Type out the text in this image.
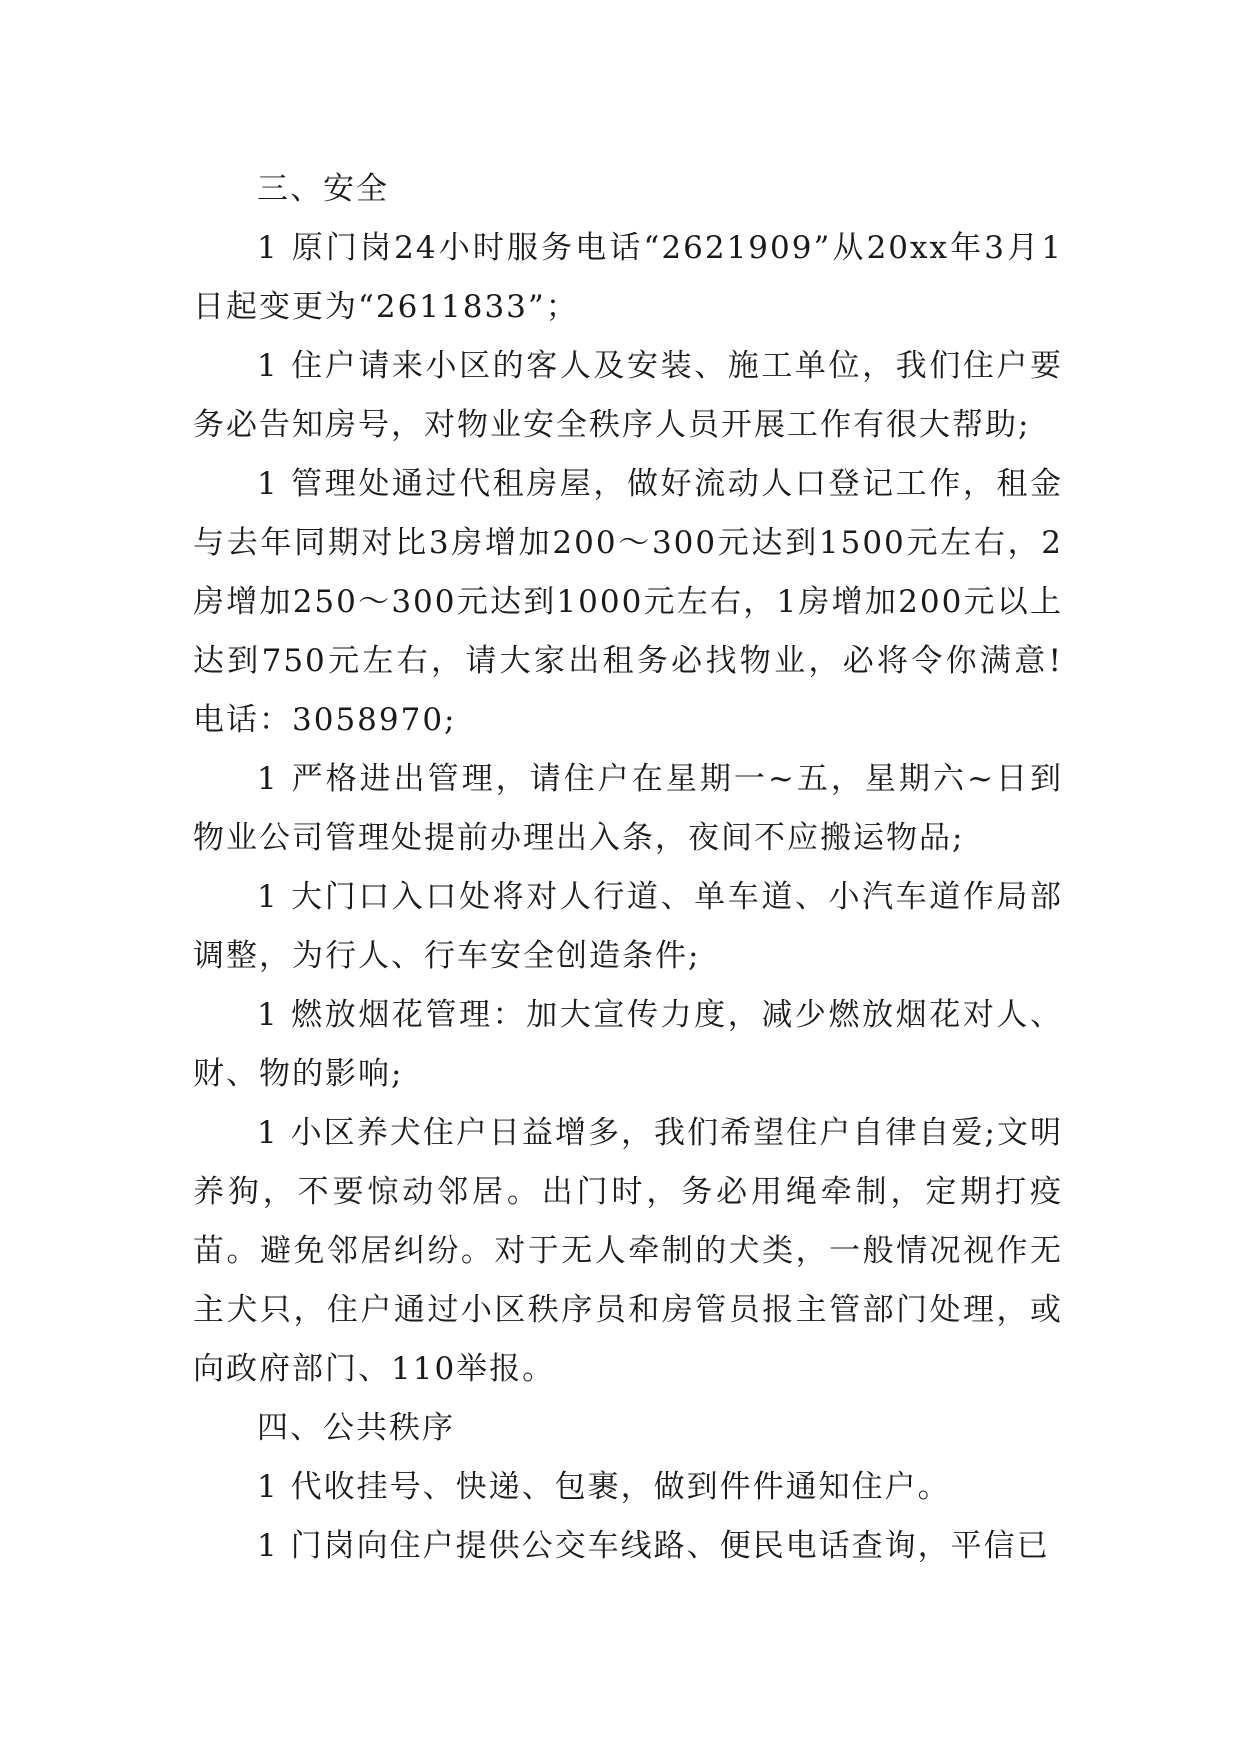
三、安全

1 原门岗24小时服务电话“2621909”从20xx年3月1日起变更为“2611833”；

1 住户请来小区的客人及安装、施工单位，我们住户要务必告知房号，对物业安全秩序人员开展工作有很大帮助;

1 管理处通过代租房屋，做好流动人口登记工作，租金与去年同期对比3房增加200～300元达到1500元左右，2房增加250～300元达到1000元左右，1房增加200元以上达到750元左右，请大家出租务必找物业，必将令你满意!电话：3058970;

1 严格进出管理，请住户在星期一~五，星期六~日到物业公司管理处提前办理出入条，夜间不应搬运物品;

1 大门口入口处将对人行道、单车道、小汽车道作局部调整，为行人、行车安全创造条件;

1 燃放烟花管理：加大宣传力度，减少燃放烟花对人、财、物的影响;

1 小区养犬住户日益增多，我们希望住户自律自爱;文明养狗，不要惊动邻居。出门时，务必用绳牵制，定期打疫苗。避免邻居纠纷。对于无人牵制的犬类，一般情况视作无主犬只，住户通过小区秩序员和房管员报主管部门处理，或向政府部门、110举报。

四、公共秩序

1 代收挂号、快递、包裹，做到件件通知住户。

1 门岗向住户提供公交车线路、便民电话查询，平信已
